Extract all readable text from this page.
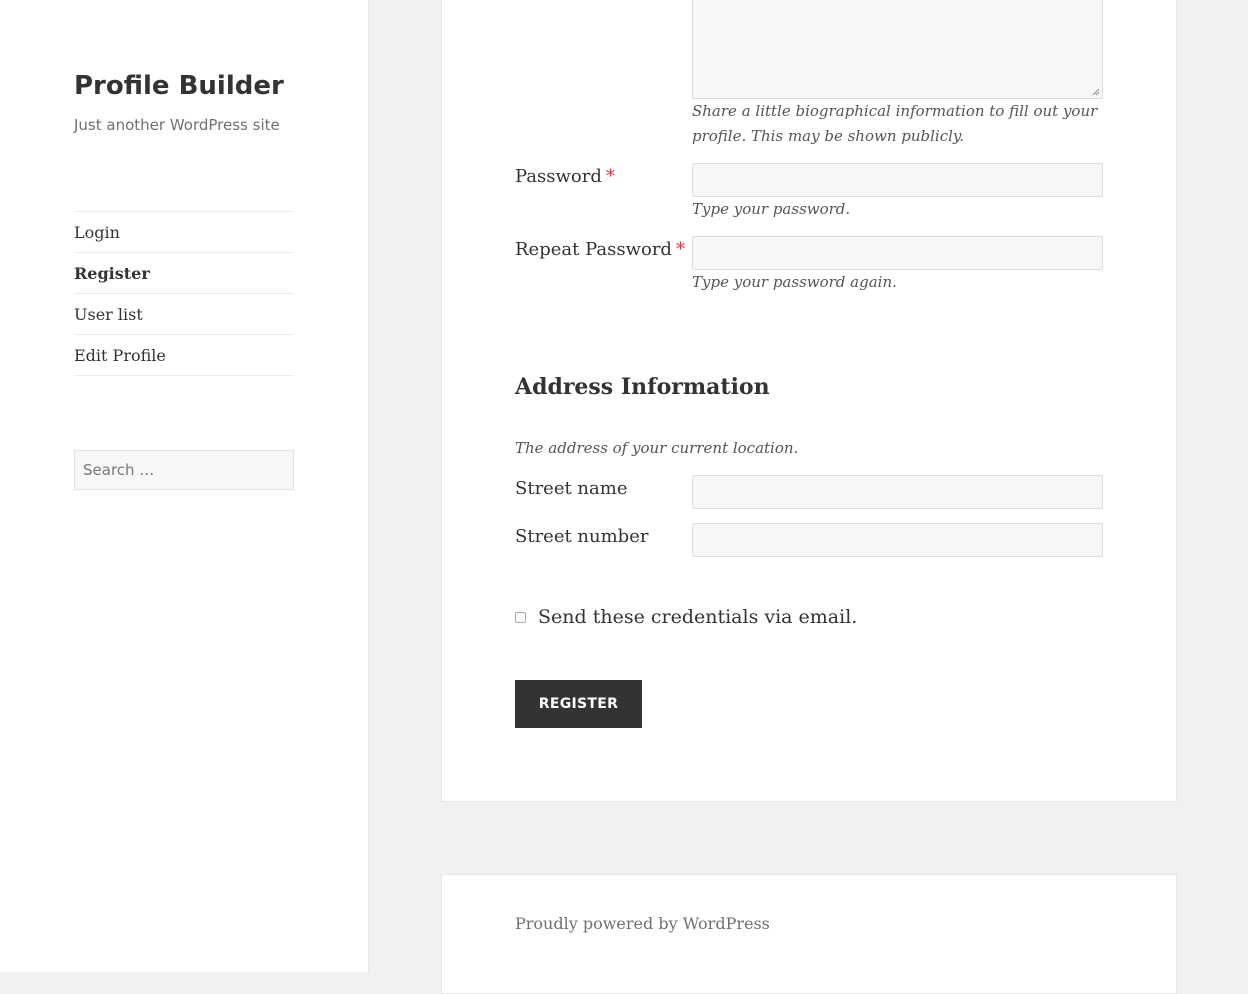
Profile Builder
Just another WordPress site
Login
Register
User list
Edit Profile
Search …
Share a little biographical information to fill out your profile. This may be shown publicly.
Password *
Type your password.
Repeat Password *
Type your password again.
Address Information
The address of your current location.
Street name
Street number
Send these credentials via email.
REGISTER
Proudly powered by WordPress
